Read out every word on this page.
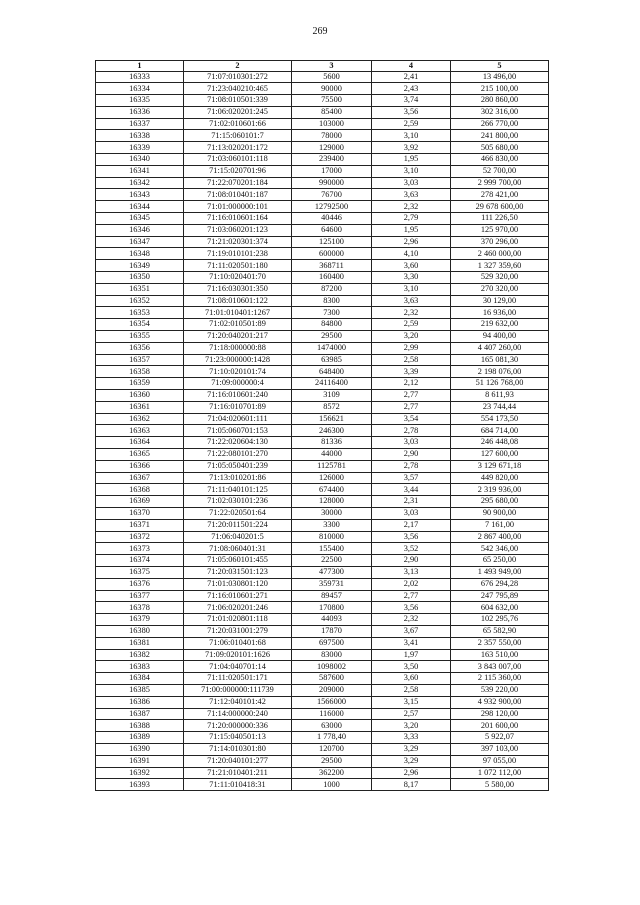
269
1	2	3	4	5
16333	71:07:010301:272	5600	2,41	13 496,00
16334	71:23:040210:465	90000	2,43	215 100,00
16335	71:08:010501:339	75500	3,74	280 860,00
16336	71:06:020201:245	85400	3,56	302 316,00
16337	71:02:010601:66	103000	2,59	266 770,00
16338	71:15:060101:7	78000	3,10	241 800,00
16339	71:13:020201:172	129000	3,92	505 680,00
16340	71:03:060101:118	239400	1,95	466 830,00
16341	71:15:020701:96	17000	3,10	52 700,00
16342	71:22:070201:184	990000	3,03	2 999 700,00
16343	71:08:010401:187	76700	3,63	278 421,00
16344	71:01:000000:101	12792500	2,32	29 678 600,00
16345	71:16:010601:164	40446	2,79	111 226,50
16346	71:03:060201:123	64600	1,95	125 970,00
16347	71:21:020301:374	125100	2,96	370 296,00
16348	71:19:010101:238	600000	4,10	2 460 000,00
16349	71:11:020501:180	368711	3,60	1 327 359,60
16350	71:10:020401:70	160400	3,30	529 320,00
16351	71:16:030301:350	87200	3,10	270 320,00
16352	71:08:010601:122	8300	3,63	30 129,00
16353	71:01:010401:1267	7300	2,32	16 936,00
16354	71:02:010501:89	84800	2,59	219 632,00
16355	71:20:040201:217	29500	3,20	94 400,00
16356	71:18:000000:88	1474000	2,99	4 407 260,00
16357	71:23:000000:1428	63985	2,58	165 081,30
16358	71:10:020101:74	648400	3,39	2 198 076,00
16359	71:09:000000:4	24116400	2,12	51 126 768,00
16360	71:16:010601:240	3109	2,77	8 611,93
16361	71:16:010701:89	8572	2,77	23 744,44
16362	71:04:020601:111	156621	3,54	554 173,50
16363	71:05:060701:153	246300	2,78	684 714,00
16364	71:22:020604:130	81336	3,03	246 448,08
16365	71:22:080101:270	44000	2,90	127 600,00
16366	71:05:050401:239	1125781	2,78	3 129 671,18
16367	71:13:010201:86	126000	3,57	449 820,00
16368	71:11:040101:125	674400	3,44	2 319 936,00
16369	71:02:030101:236	128000	2,31	295 680,00
16370	71:22:020501:64	30000	3,03	90 900,00
16371	71:20:011501:224	3300	2,17	7 161,00
16372	71:06:040201:5	810000	3,56	2 867 400,00
16373	71:08:060401:31	155400	3,52	542 346,00
16374	71:05:060101:455	22500	2,90	65 250,00
16375	71:20:031501:123	477300	3,13	1 493 949,00
16376	71:01:030801:120	359731	2,02	676 294,28
16377	71:16:010601:271	89457	2,77	247 795,89
16378	71:06:020201:246	170800	3,56	604 632,00
16379	71:01:020801:118	44093	2,32	102 295,76
16380	71:20:031001:279	17870	3,67	65 582,90
16381	71:06:010401:68	697500	3,41	2 357 550,00
16382	71:09:020101:1626	83000	1,97	163 510,00
16383	71:04:040701:14	1098002	3,50	3 843 007,00
16384	71:11:020501:171	587600	3,60	2 115 360,00
16385	71:00:000000:111739	209000	2,58	539 220,00
16386	71:12:040101:42	1566000	3,15	4 932 900,00
16387	71:14:000000:240	116000	2,57	298 120,00
16388	71:20:000000:336	63000	3,20	201 600,00
16389	71:15:040501:13	1 778,40	3,33	5 922,07
16390	71:14:010301:80	120700	3,29	397 103,00
16391	71:20:040101:277	29500	3,29	97 055,00
16392	71:21:010401:211	362200	2,96	1 072 112,00
16393	71:11:010418:31	1000	8,17	5 580,00
